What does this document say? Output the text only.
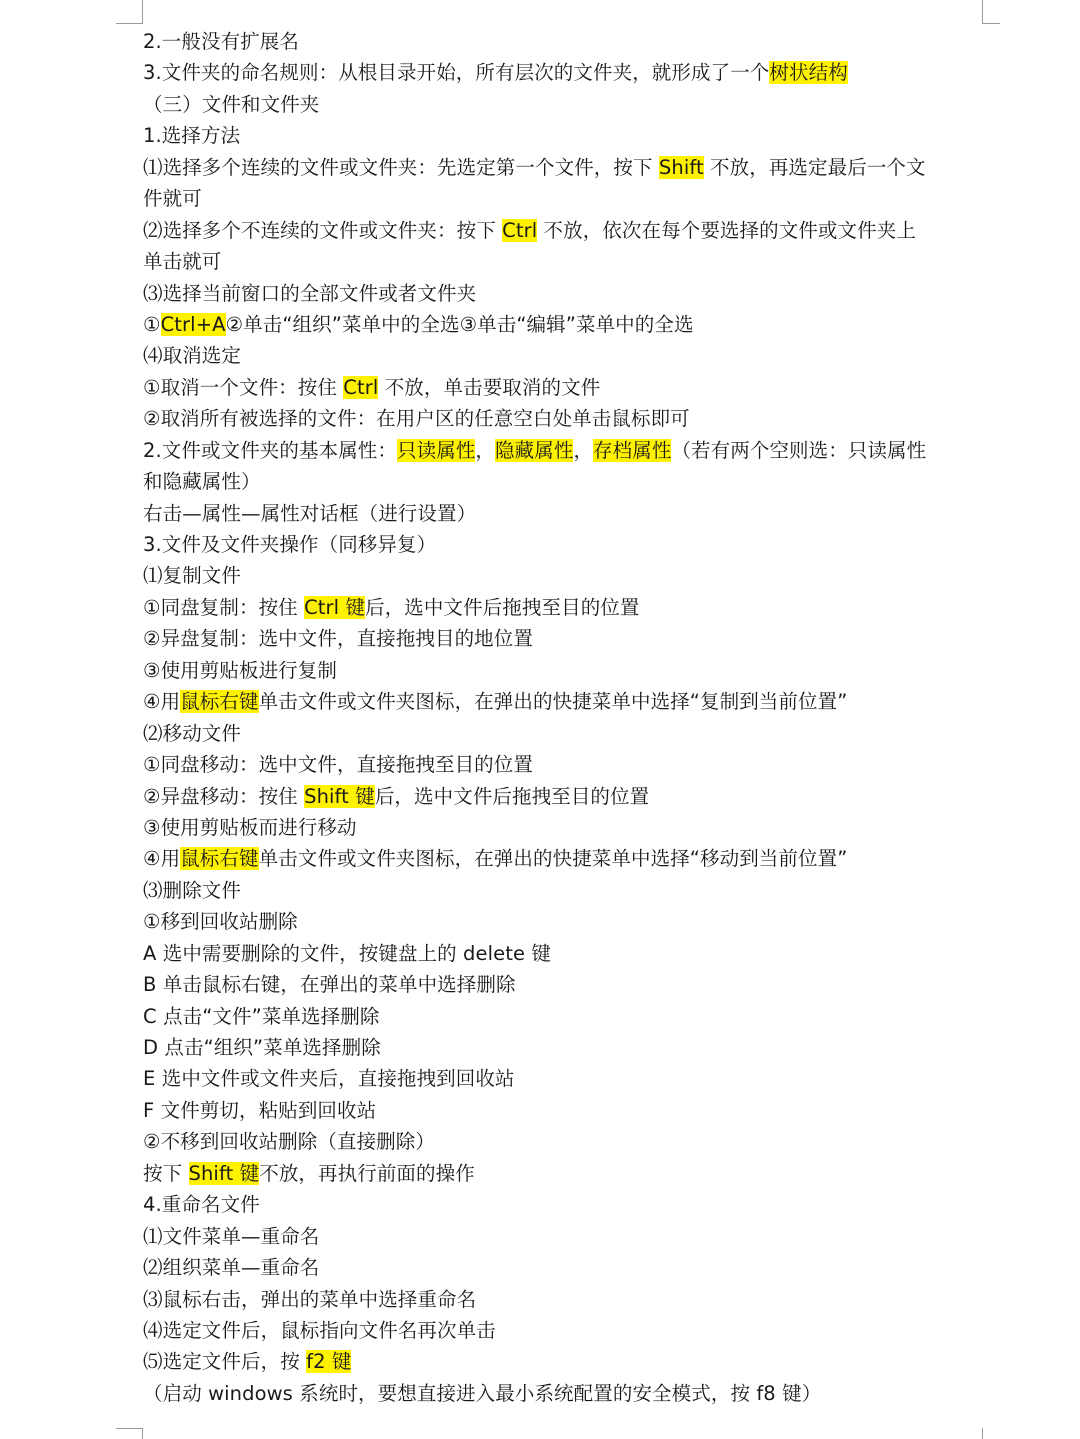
2.一般没有扩展名
3.文件夹的命名规则：从根目录开始，所有层次的文件夹，就形成了一个树状结构
（三）文件和文件夹
1.选择方法
⑴选择多个连续的文件或文件夹：先选定第一个文件，按下 Shift 不放，再选定最后一个文
件就可
⑵选择多个不连续的文件或文件夹：按下 Ctrl 不放，依次在每个要选择的文件或文件夹上
单击就可
⑶选择当前窗口的全部文件或者文件夹
①Ctrl+A②单击“组织”菜单中的全选③单击“编辑”菜单中的全选
⑷取消选定
①取消一个文件：按住 Ctrl 不放，单击要取消的文件
②取消所有被选择的文件：在用户区的任意空白处单击鼠标即可
2.文件或文件夹的基本属性：只读属性，隐藏属性，存档属性（若有两个空则选：只读属性
和隐藏属性）
右击—属性—属性对话框（进行设置）
3.文件及文件夹操作（同移异复）
⑴复制文件
①同盘复制：按住 Ctrl 键后，选中文件后拖拽至目的位置
②异盘复制：选中文件，直接拖拽目的地位置
③使用剪贴板进行复制
④用鼠标右键单击文件或文件夹图标，在弹出的快捷菜单中选择“复制到当前位置”
⑵移动文件
①同盘移动：选中文件，直接拖拽至目的位置
②异盘移动：按住 Shift 键后，选中文件后拖拽至目的位置
③使用剪贴板而进行移动
④用鼠标右键单击文件或文件夹图标，在弹出的快捷菜单中选择“移动到当前位置”
⑶删除文件
①移到回收站删除
A 选中需要删除的文件，按键盘上的 delete 键
B 单击鼠标右键，在弹出的菜单中选择删除
C 点击“文件”菜单选择删除
D 点击“组织”菜单选择删除
E 选中文件或文件夹后，直接拖拽到回收站
F 文件剪切，粘贴到回收站
②不移到回收站删除（直接删除）
按下 Shift 键不放，再执行前面的操作
4.重命名文件
⑴文件菜单—重命名
⑵组织菜单—重命名
⑶鼠标右击，弹出的菜单中选择重命名
⑷选定文件后，鼠标指向文件名再次单击
⑸选定文件后，按 f2 键
（启动 windows 系统时，要想直接进入最小系统配置的安全模式，按 f8 键）
